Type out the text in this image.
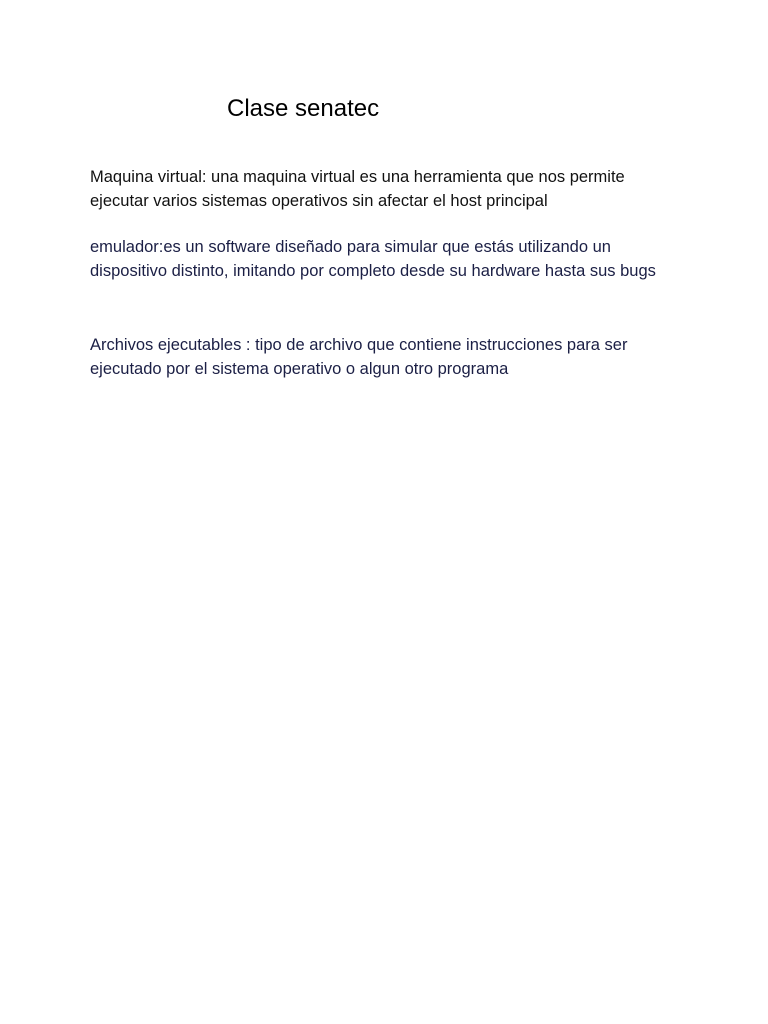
Clase senatec

Maquina virtual: una maquina virtual es una herramienta que nos permite ejecutar varios sistemas operativos sin afectar el host principal

emulador:es un software diseñado para simular que estás utilizando un dispositivo distinto, imitando por completo desde su hardware hasta sus bugs

Archivos ejecutables : tipo de archivo que contiene instrucciones para ser ejecutado por el sistema operativo o algun otro programa
